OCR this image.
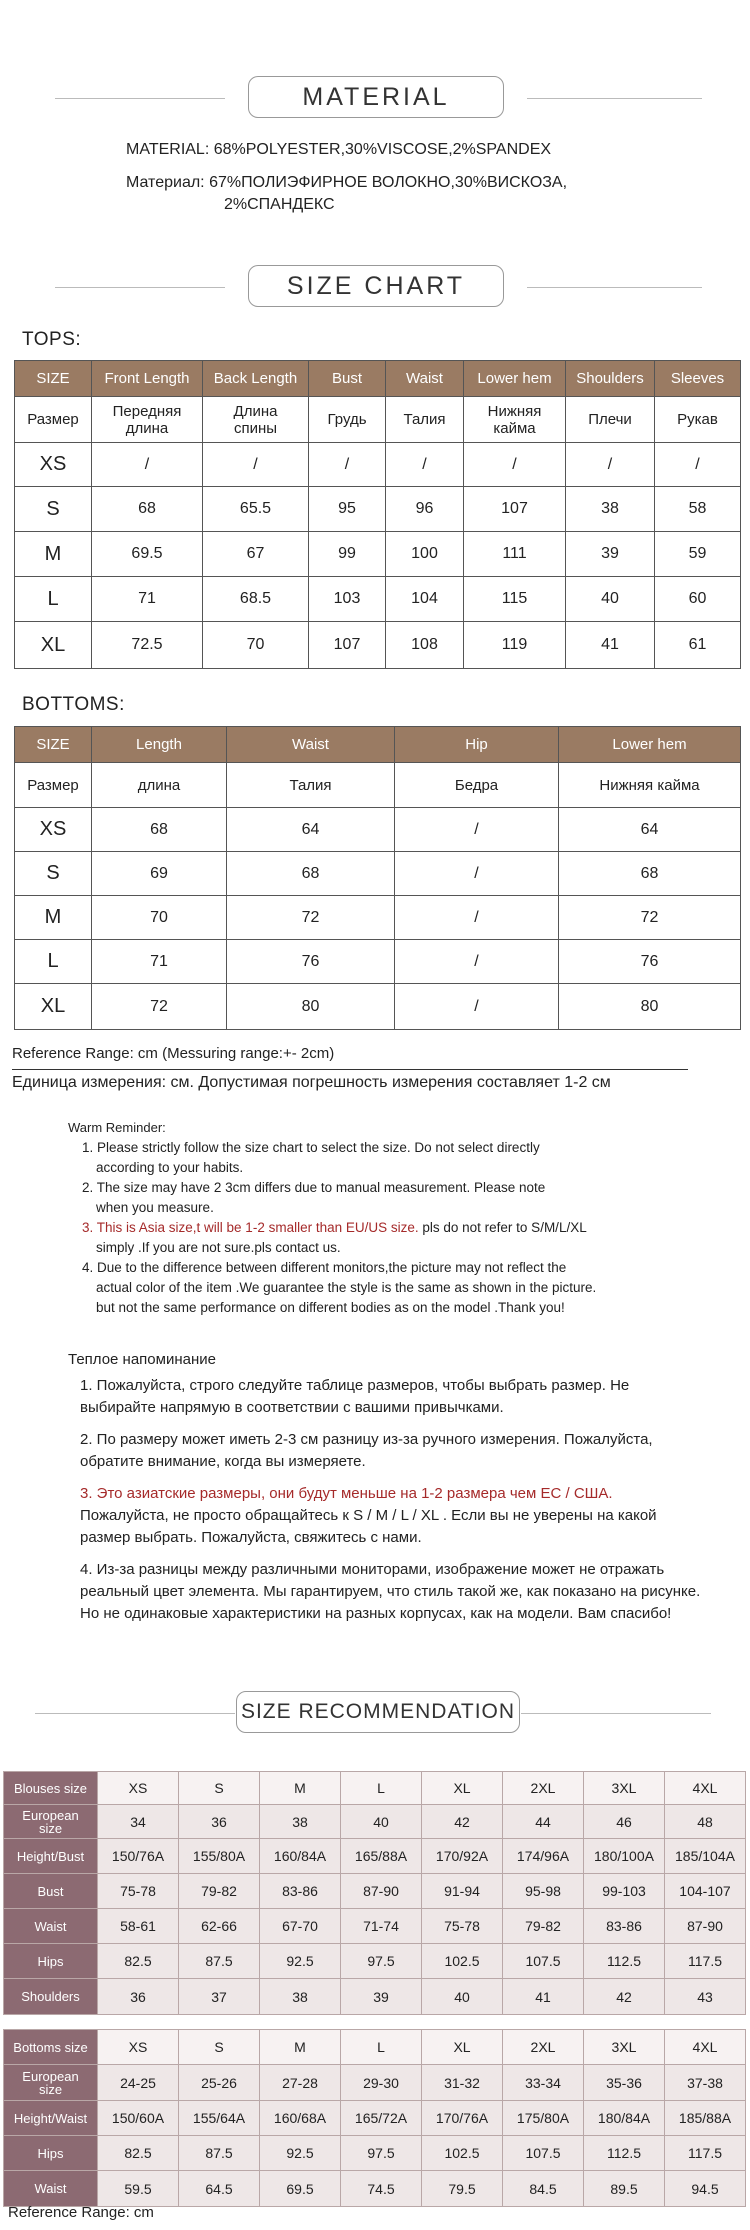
MATERIAL
MATERIAL: 68%POLYESTER,30%VISCOSE,2%SPANDEX
Материал: 67%ПОЛИЭФИРНОЕ ВОЛОКНО,30%ВИСКОЗА,
2%СПАНДЕКС
SIZE CHART
TOPS:
SIZE	Front Length	Back Length	Bust	Waist	Lower hem	Shoulders	Sleeves
Размер	Передняя длина	Длина спины	Грудь	Талия	Нижняя кайма	Плечи	Рукав
XS	/	/	/	/	/	/	/
S	68	65.5	95	96	107	38	58
M	69.5	67	99	100	111	39	59
L	71	68.5	103	104	115	40	60
XL	72.5	70	107	108	119	41	61
BOTTOMS:
SIZE	Length	Waist	Hip	Lower hem
Размер	длина	Талия	Бедра	Нижняя кайма
XS	68	64	/	64
S	69	68	/	68
M	70	72	/	72
L	71	76	/	76
XL	72	80	/	80
Reference Range: cm (Messuring range:+- 2cm)
Единица измерения: см. Допустимая погрешность измерения составляет 1-2 см
Warm Reminder:
1. Please strictly follow the size chart to select the size. Do not select directly
according to your habits.
2. The size may have 2 3cm differs due to manual measurement. Please note
when you measure.
3. This is Asia size,t will be 1-2 smaller than EU/US size. pls do not refer to S/M/L/XL
simply .If you are not sure.pls contact us.
4. Due to the difference between different monitors,the picture may not reflect the
actual color of the item .We guarantee the style is the same as shown in the picture.
but not the same performance on different bodies as on the model .Thank you!

Теплое напоминание

1. Пожалуйста, строго следуйте таблице размеров, чтобы выбрать размер. Не выбирайте напрямую в соответствии с вашими привычками.

2. По размеру может иметь 2-3 см разницу из-за ручного измерения. Пожалуйста, обратите внимание, когда вы измеряете.

3. Это азиатские размеры, они будут меньше на 1-2 размера чем EC / США.
Пожалуйста, не просто обращайтесь к S / M / L / XL . Если вы не уверены на какой размер выбрать. Пожалуйста, свяжитесь с нами.

4. Из-за разницы между различными мониторами, изображение может не отражать реальный цвет элемента. Мы гарантируем, что стиль такой же, как показано на рисунке. Но не одинаковые характеристики на разных корпусах, как на модели. Вам спасибо!

SIZE RECOMMENDATION
Blouses size	XS	S	M	L	XL	2XL	3XL	4XL
European size	34	36	38	40	42	44	46	48
Height/Bust	150/76A	155/80A	160/84A	165/88A	170/92A	174/96A	180/100A	185/104A
Bust	75-78	79-82	83-86	87-90	91-94	95-98	99-103	104-107
Waist	58-61	62-66	67-70	71-74	75-78	79-82	83-86	87-90
Hips	82.5	87.5	92.5	97.5	102.5	107.5	112.5	117.5
Shoulders	36	37	38	39	40	41	42	43
Bottoms size	XS	S	M	L	XL	2XL	3XL	4XL
European size	24-25	25-26	27-28	29-30	31-32	33-34	35-36	37-38
Height/Waist	150/60A	155/64A	160/68A	165/72A	170/76A	175/80A	180/84A	185/88A
Hips	82.5	87.5	92.5	97.5	102.5	107.5	112.5	117.5
Waist	59.5	64.5	69.5	74.5	79.5	84.5	89.5	94.5
Reference Range: cm
